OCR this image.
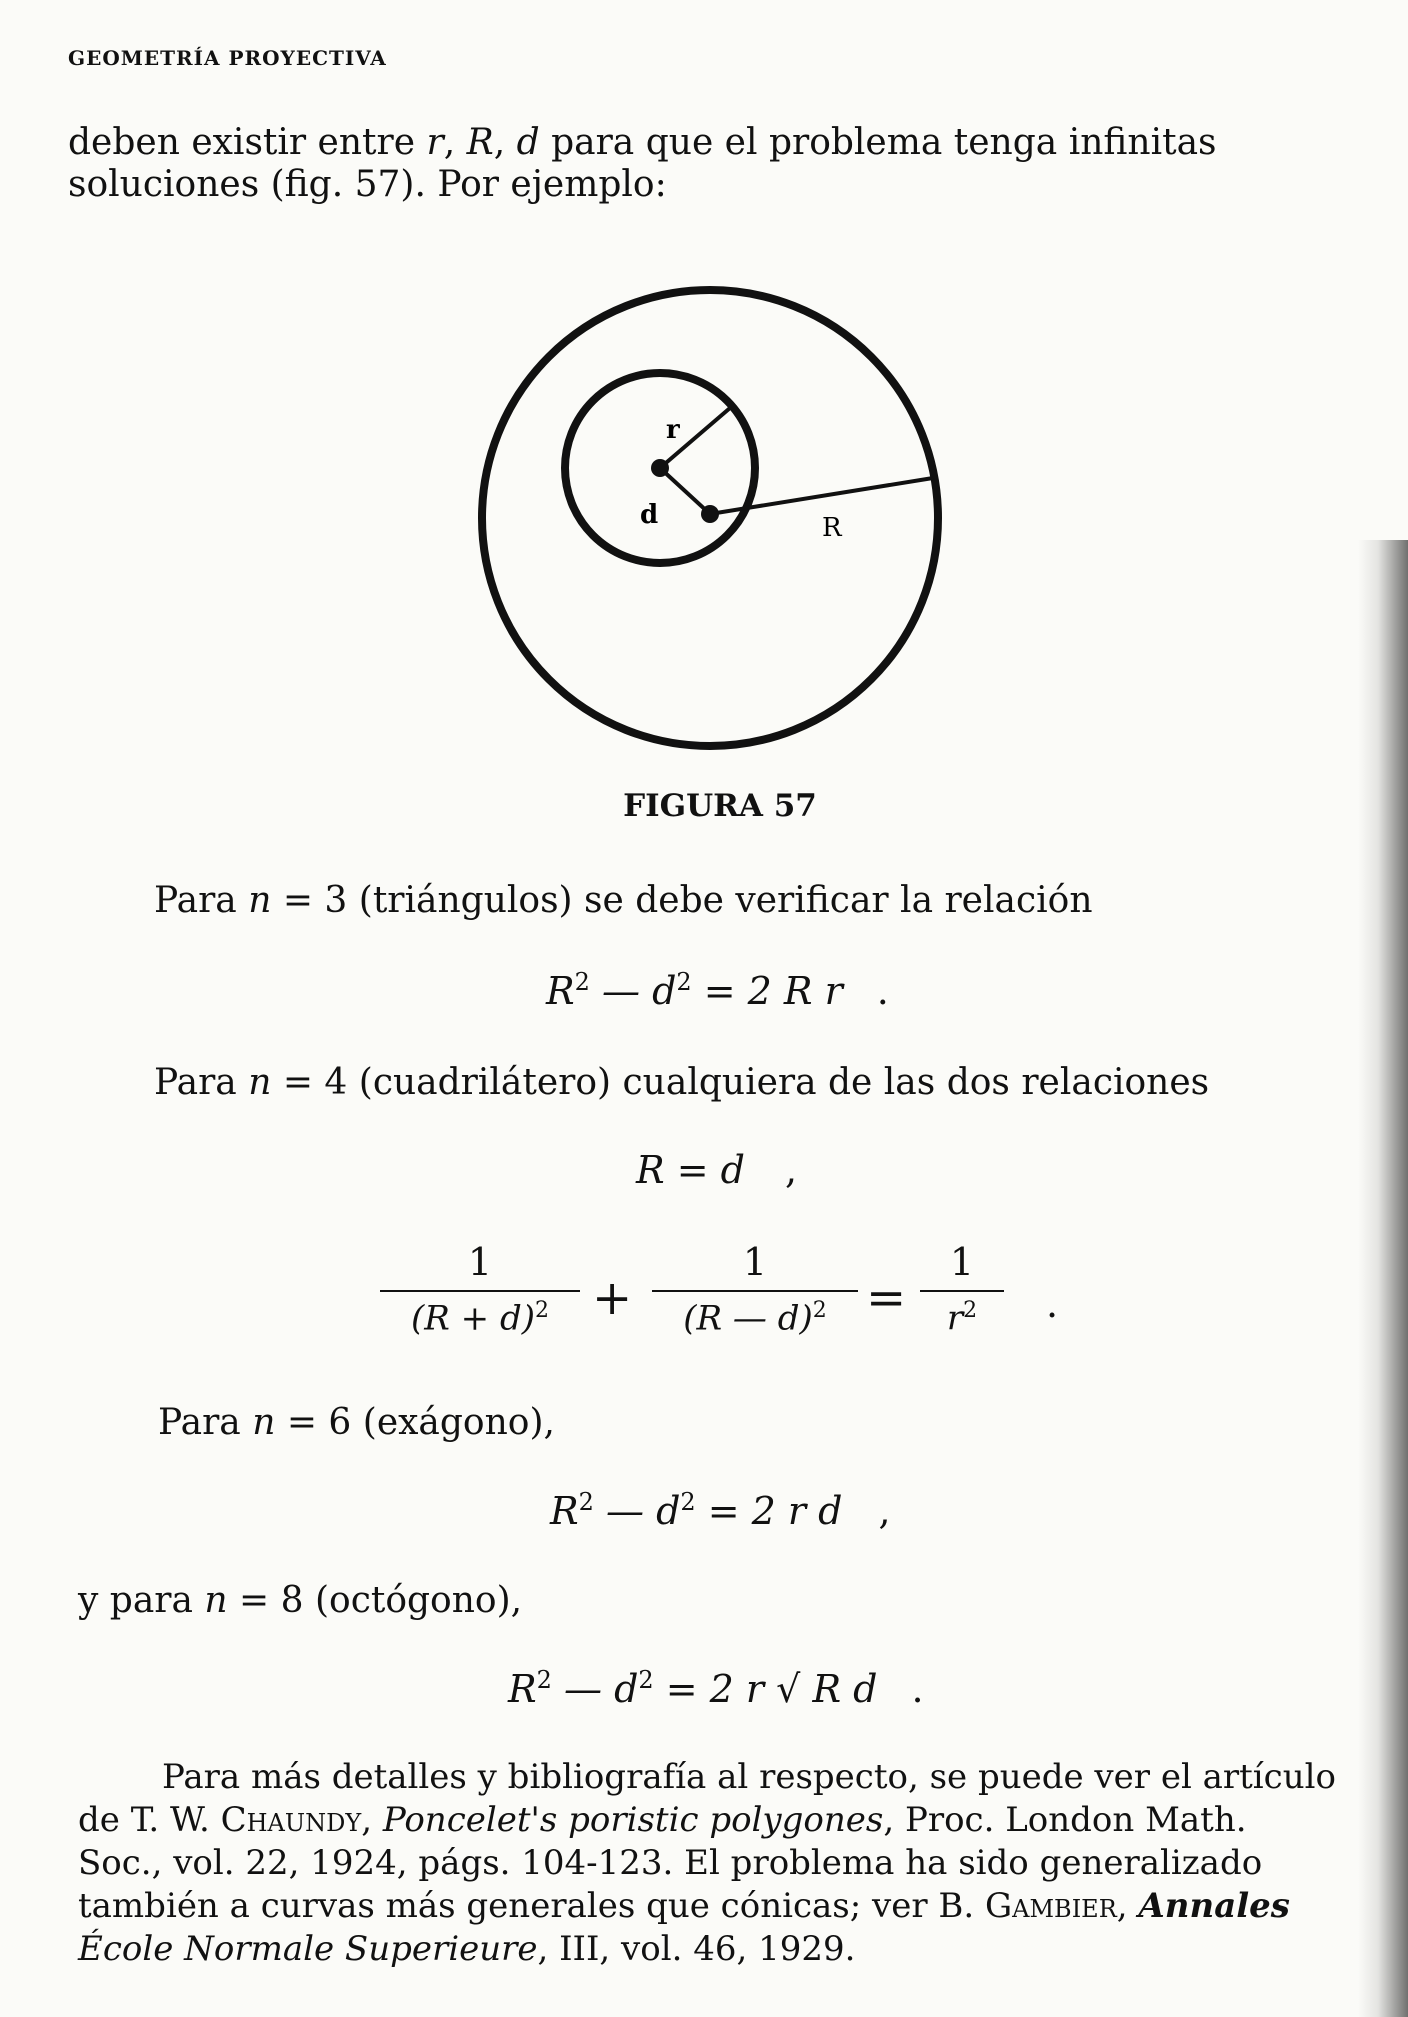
GEOMETRÍA PROYECTIVA
deben existir entre r, R, d para que el problema tenga infinitas
soluciones (fig. 57). Por ejemplo:
r
d	R
FIGURA 57
Para n = 3 (triángulos) se debe verificar la relación
$R^2$ — $d^2 = 2$ R r .
Para n = 4 (cuadrilátero) cualquiera de las dos relaciones
R = d ,
1
$(R + d)^2$ +
1
(R — d)$^2$ =
1
$r^2$	.
Para n = 6 (exágono),
$R^2$ — $d^2 = 2$ r d ,
y para n = 8 (octógono),
$R^2$ — $d^2 = 2$ r √ R d .
Para más detalles y bibliografía al respecto, se puede ver el artículo
de T. W. Chaundy, Poncelet's poristic polygones, Proc. London Math.
Soc., vol. 22, 1924, págs. 104-123. El problema ha sido generalizado
también a curvas más generales que cónicas; ver B. Gambier, Annales
École Normale Superieure, III, vol. 46, 1929.
